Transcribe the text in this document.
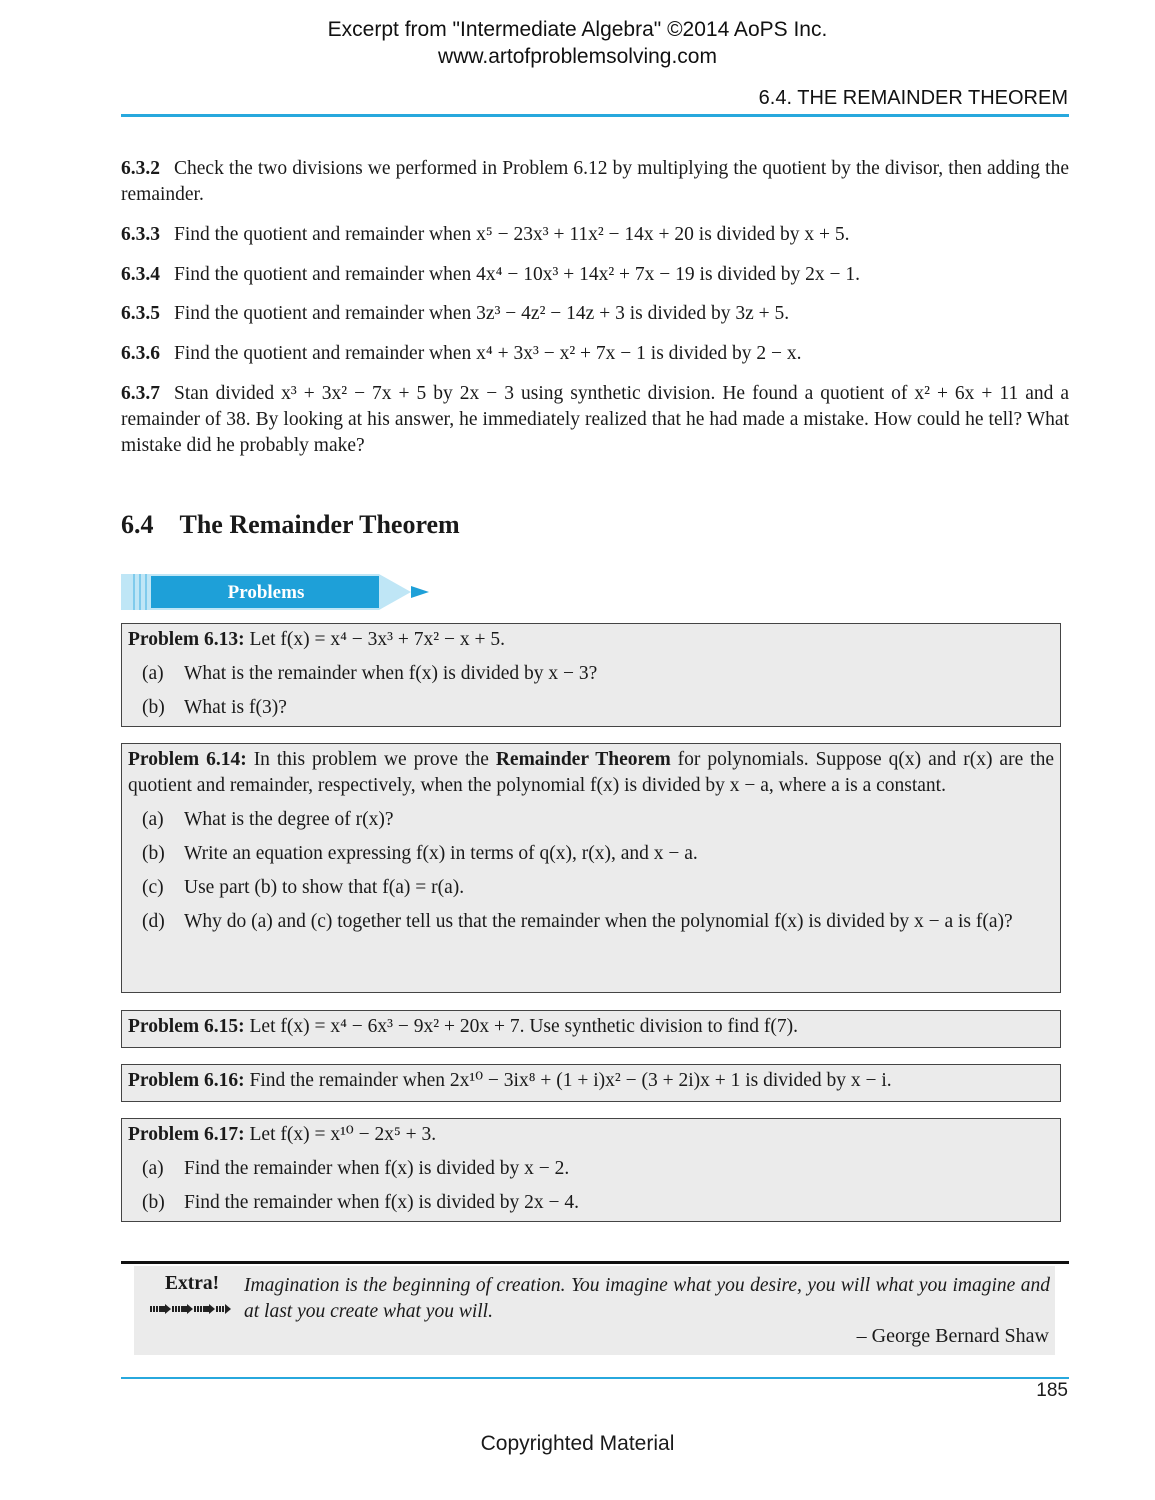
Excerpt from "Intermediate Algebra" ©2014 AoPS Inc.
www.artofproblemsolving.com
6.4. THE REMAINDER THEOREM
6.3.2 Check the two divisions we performed in Problem 6.12 by multiplying the quotient by the divisor, then adding the remainder.
6.3.3 Find the quotient and remainder when x⁵ − 23x³ + 11x² − 14x + 20 is divided by x + 5.
6.3.4 Find the quotient and remainder when 4x⁴ − 10x³ + 14x² + 7x − 19 is divided by 2x − 1.
6.3.5 Find the quotient and remainder when 3z³ − 4z² − 14z + 3 is divided by 3z + 5.
6.3.6 Find the quotient and remainder when x⁴ + 3x³ − x² + 7x − 1 is divided by 2 − x.
6.3.7 Stan divided x³ + 3x² − 7x + 5 by 2x − 3 using synthetic division. He found a quotient of x² + 6x + 11 and a remainder of 38. By looking at his answer, he immediately realized that he had made a mistake. How could he tell? What mistake did he probably make?
6.4 The Remainder Theorem
Problems
Problem 6.13: Let f(x) = x⁴ − 3x³ + 7x² − x + 5.
(a)	What is the remainder when f(x) is divided by x − 3?
(b) What is f(3)?
Problem 6.14: In this problem we prove the Remainder Theorem for polynomials. Suppose q(x) and r(x) are the quotient and remainder, respectively, when the polynomial f(x) is divided by x − a, where a is a constant.
(a)	What is the degree of r(x)?
(b) Write an equation expressing f(x) in terms of q(x), r(x), and x − a.
(c)	Use part (b) to show that f(a) = r(a).
(d) Why do (a) and (c) together tell us that the remainder when the polynomial f(x) is divided by x − a is f(a)?
Problem 6.15: Let f(x) = x⁴ − 6x³ − 9x² + 20x + 7. Use synthetic division to find f(7).
Problem 6.16: Find the remainder when 2x¹⁰ − 3ix⁸ + (1 + i)x² − (3 + 2i)x + 1 is divided by x − i.
Problem 6.17: Let f(x) = x¹⁰ − 2x⁵ + 3.
(a)	Find the remainder when f(x) is divided by x − 2.
(b) Find the remainder when f(x) is divided by 2x − 4.
Extra! Imagination is the beginning of creation. You imagine what you desire, you will what you imagine and at last you create what you will.
– George Bernard Shaw
185
Copyrighted Material
